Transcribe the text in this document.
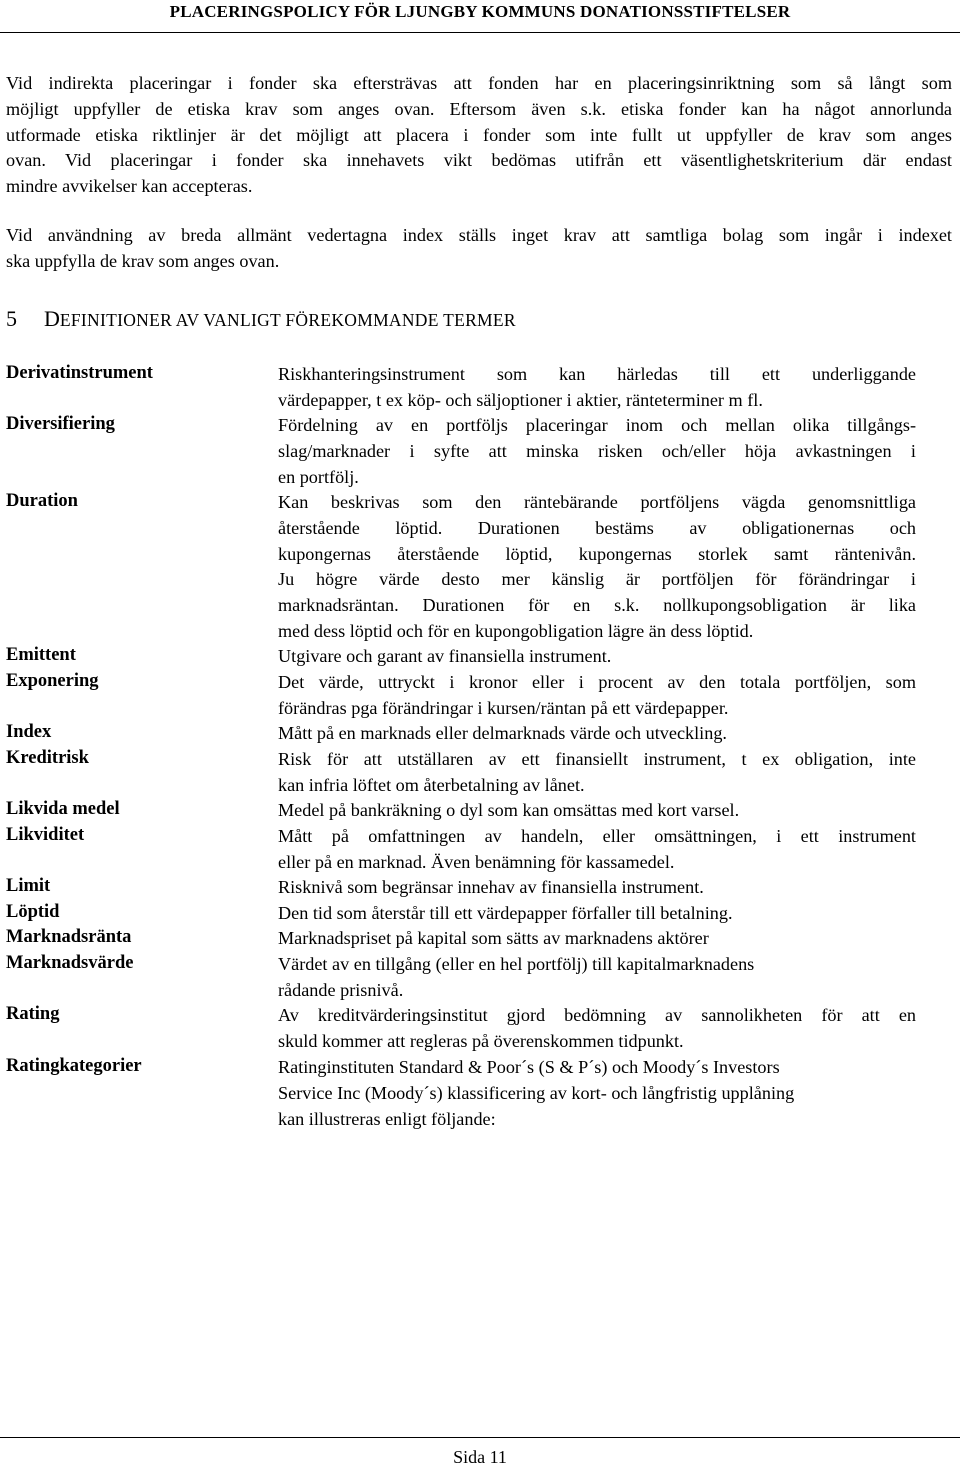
PLACERINGSPOLICY FÖR LJUNGBY KOMMUNS DONATIONSSTIFTELSER
Vid indirekta placeringar i fonder ska eftersträvas att fonden har en placeringsinriktning som så långt som
möjligt uppfyller de etiska krav som anges ovan. Eftersom även s.k. etiska fonder kan ha något annorlunda
utformade etiska riktlinjer är det möjligt att placera i fonder som inte fullt ut uppfyller de krav som anges
ovan. Vid placeringar i fonder ska innehavets vikt bedömas utifrån ett väsentlighetskriterium där endast
mindre avvikelser kan accepteras.
Vid användning av breda allmänt vedertagna index ställs inget krav att samtliga bolag som ingår i indexet
ska uppfylla de krav som anges ovan.
5 DEFINITIONER AV VANLIGT FÖREKOMMANDE TERMER
Derivatinstrument
Diversifiering
Duration
Emittent
Exponering
Index
Kreditrisk
Likvida medel
Likviditet
Limit
Löptid
Marknadsränta
Marknadsvärde
Rating
Ratingkategorier
Riskhanteringsinstrument som kan härledas till ett underliggande
värdepapper, t ex köp- och säljoptioner i aktier, ränteterminer m fl.
Fördelning av en portföljs placeringar inom och mellan olika tillgångs-
slag/marknader i syfte att minska risken och/eller höja avkastningen i
en portfölj.
Kan beskrivas som den räntebärande portföljens vägda genomsnittliga
återstående löptid. Durationen bestäms av obligationernas och
kupongernas återstående löptid, kupongernas storlek samt räntenivån.
Ju högre värde desto mer känslig är portföljen för förändringar i
marknadsräntan. Durationen för en s.k. nollkupongsobligation är lika
med dess löptid och för en kupongobligation lägre än dess löptid.
Utgivare och garant av finansiella instrument.
Det värde, uttryckt i kronor eller i procent av den totala portföljen, som
förändras pga förändringar i kursen/räntan på ett värdepapper.
Mått på en marknads eller delmarknads värde och utveckling.
Risk för att utställaren av ett finansiellt instrument, t ex obligation, inte
kan infria löftet om återbetalning av lånet.
Medel på bankräkning o dyl som kan omsättas med kort varsel.
Mått på omfattningen av handeln, eller omsättningen, i ett instrument
eller på en marknad. Även benämning för kassamedel.
Risknivå som begränsar innehav av finansiella instrument.
Den tid som återstår till ett värdepapper förfaller till betalning.
Marknadspriset på kapital som sätts av marknadens aktörer
Värdet av en tillgång (eller en hel portfölj) till kapitalmarknadens
rådande prisnivå.
Av kreditvärderingsinstitut gjord bedömning av sannolikheten för att en
skuld kommer att regleras på överenskommen tidpunkt.
Ratinginstituten Standard & Poor´s (S & P´s) och Moody´s Investors
Service Inc (Moody´s) klassificering av kort- och långfristig upplåning
kan illustreras enligt följande:
Sida 11
